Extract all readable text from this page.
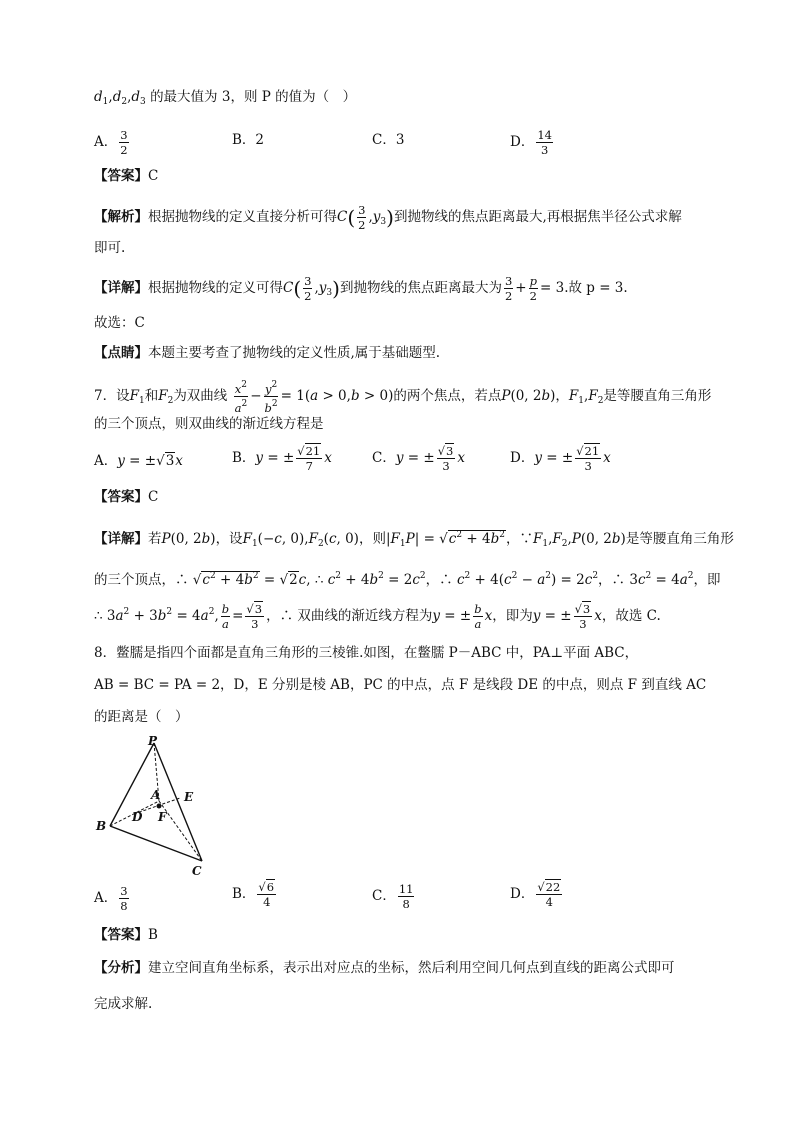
$d_1,d_2,d_3$ 的最大值为 3，则 P 的值为（　）
A． $\frac{3}{2}$	B．2	C．3	D． $\frac{14}{3}$
【答案】C
【解析】根据抛物线的定义直接分析可得$C( \frac{3}{2} ,y_3)$到抛物线的焦点距离最大,再根据焦半径公式求解
即可.
【详解】根据抛物线的定义可得$C( \frac{3}{2} ,y_3)$到抛物线的焦点距离最大为 $\frac{3}{2} + \frac{p}{2} = 3$.故 p = 3.
故选：C
【点睛】本题主要考查了抛物线的定义性质,属于基础题型.
7．设$F_1$和$F_2$为双曲线 $\frac{x^2}{a^2} - \frac{y^2}{b^2} = 1(a > 0,b > 0)$的两个焦点，若点P(0, 2b)，$F_1,F_2$是等腰直角三角形
的三个顶点，则双曲线的渐近线方程是
A．y = ±√3x	B．y = ± $\frac{√21}{7}$ x	C．y = ± $\frac{√3}{3}$ x	D．y = ± $\frac{√21}{3}$ x
【答案】C
【详解】若P(0, 2b)，设$F_1(-c$, $0),F_2(c$, 0)，则$|F_1P| = √c^2 + 4b^2$，$\because F_1,F_2,P(0$, 2b)是等腰直角三角形
的三个顶点，∴ $√c^2 + 4b^2 = √2c$, ∴ $c^2 + 4b^2 = 2c^2$，∴ $c^2 + 4(c^2 - a^2) = 2c^2$，∴ $3c^2 = 4a^2$，即
∴ $3a^2 + 3b^2 = 4a^2$, $\frac{b}{a} = \frac{√3}{3}$ ，∴ 双曲线的渐近线方程为y = ± $\frac{b}{a}$ x，即为y = ± $\frac{√3}{3}$ x，故选 C.
8．鳖臑是指四个面都是直角三角形的三棱锥.如图，在鳖臑 P－ABC 中，PA⊥平面 ABC，
AB = BC = PA = 2，D，E 分别是棱 AB，PC 的中点，点 F 是线段 DE 的中点，则点 F 到直线 AC
的距离是（　）
P
A
B
C
D
E
F
A． $\frac{3}{8}$	B． $\frac{√6}{4}$	C． $\frac{11}{8}$	D． $\frac{√22}{4}$
【答案】B
【分析】建立空间直角坐标系，表示出对应点的坐标，然后利用空间几何点到直线的距离公式即可
完成求解.
